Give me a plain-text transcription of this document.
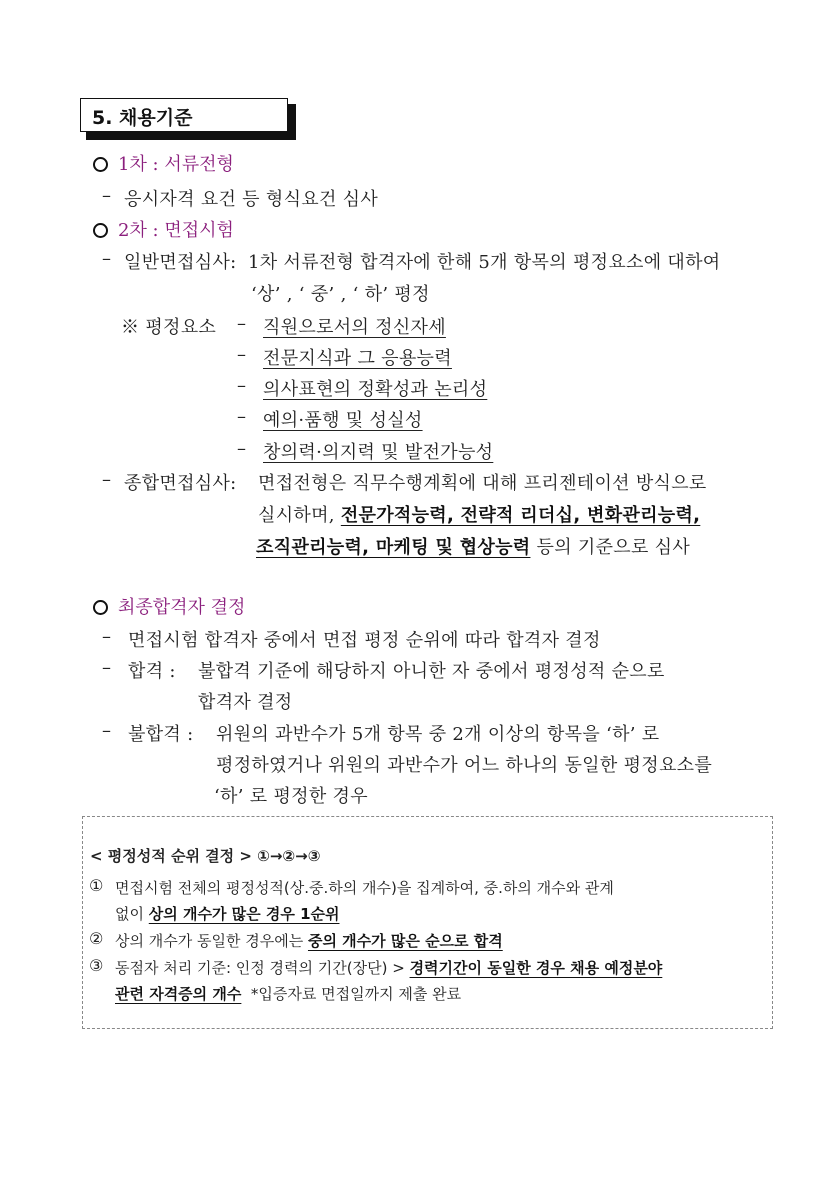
5. 채용기준
1차 : 서류전형
– 응시자격 요건 등 형식요건 심사
2차 : 면접시험
– 일반면접심사: 1차 서류전형 합격자에 한해 5개 항목의 평정요소에 대하여
‘상’ , ‘ 중’ , ‘ 하’ 평정
※ 평정요소 – 직원으로서의 정신자세
– 전문지식과 그 응용능력
– 의사표현의 정확성과 논리성
– 예의·품행 및 성실성
– 창의력·의지력 및 발전가능성
– 종합면접심사: 면접전형은 직무수행계획에 대해 프리젠테이션 방식으로
실시하며, 전문가적능력, 전략적 리더십, 변화관리능력,
조직관리능력, 마케팅 및 협상능력 등의 기준으로 심사
최종합격자 결정
– 면접시험 합격자 중에서 면접 평정 순위에 따라 합격자 결정
– 합격 : 불합격 기준에 해당하지 아니한 자 중에서 평정성적 순으로
합격자 결정
– 불합격 : 위원의 과반수가 5개 항목 중 2개 이상의 항목을 ‘하’ 로
평정하였거나 위원의 과반수가 어느 하나의 동일한 평정요소를
‘하’ 로 평정한 경우
< 평정성적 순위 결정 > ①→②→③
① 면접시험 전체의 평정성적(상.중.하의 개수)을 집계하여, 중.하의 개수와 관계
없이 상의 개수가 많은 경우 1순위
② 상의 개수가 동일한 경우에는 중의 개수가 많은 순으로 합격
③ 동점자 처리 기준: 인정 경력의 기간(장단) > 경력기간이 동일한 경우 채용 예정분야
관련 자격증의 개수 *입증자료 면접일까지 제출 완료
